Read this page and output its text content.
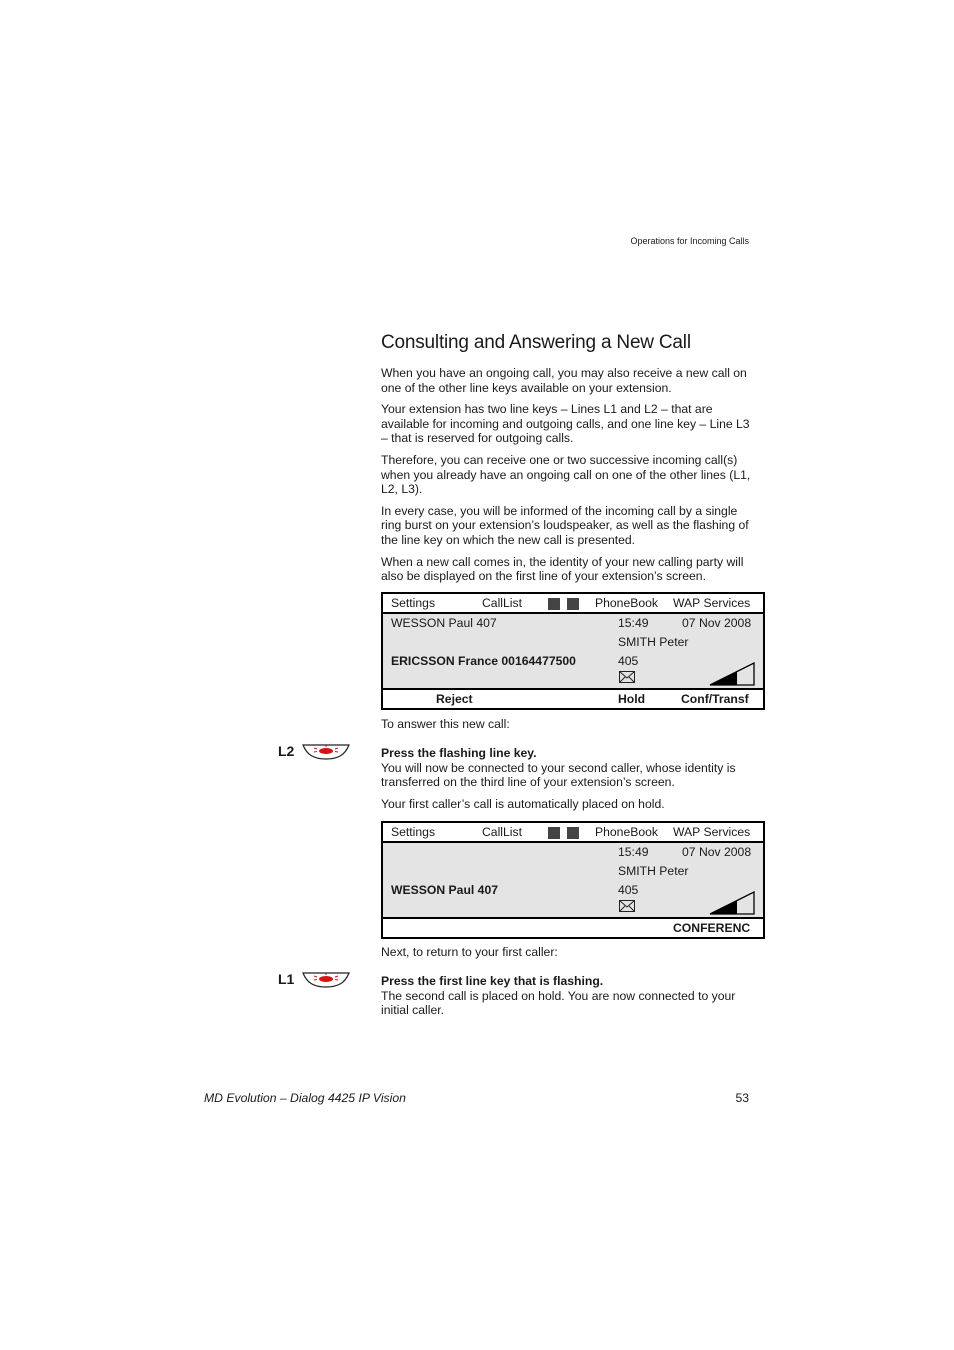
Operations for Incoming Calls
Consulting and Answering a New Call

When you have an ongoing call, you may also receive a new call on one of the other line keys available on your extension.

Your extension has two line keys – Lines L1 and L2 – that are available for incoming and outgoing calls, and one line key – Line L3 – that is reserved for outgoing calls.

Therefore, you can receive one or two successive incoming call(s) when you already have an ongoing call on one of the other lines (L1, L2, L3).

In every case, you will be informed of the incoming call by a single ring burst on your extension’s loudspeaker, as well as the flashing of the line key on which the new call is presented.

When a new call comes in, the identity of your new calling party will also be displayed on the first line of your extension’s screen.

Settings	CallList	PhoneBook WAP Services
WESSON Paul 407	15:49	07 Nov 2008
SMITH Peter
ERICSSON France 00164477500	405
Reject	Hold	Conf/Transf
To answer this new call:
L2	Press the flashing line key.

You will now be connected to your second caller, whose identity is transferred on the third line of your extension’s screen.

Your first caller’s call is automatically placed on hold.

Settings	CallList	PhoneBook WAP Services
15:49	07 Nov 2008
SMITH Peter
WESSON Paul 407	405
CONFERENC
Next, to return to your first caller:
L1	Press the first line key that is flashing.

The second call is placed on hold. You are now connected to your initial caller.

MD Evolution – Dialog 4425 IP Vision	53
